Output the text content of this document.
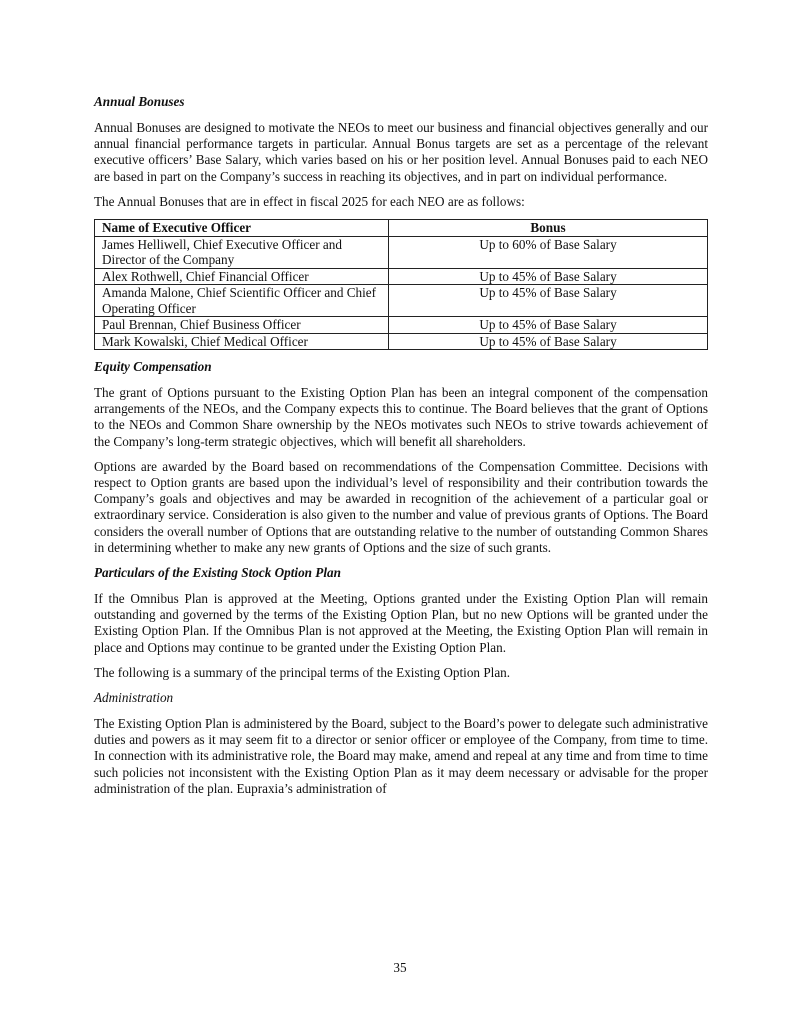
Annual Bonuses

Annual Bonuses are designed to motivate the NEOs to meet our business and financial objectives generally and our annual financial performance targets in particular. Annual Bonus targets are set as a percentage of the relevant executive officers’ Base Salary, which varies based on his or her position level. Annual Bonuses paid to each NEO are based in part on the Company’s success in reaching its objectives, and in part on individual performance.

The Annual Bonuses that are in effect in fiscal 2025 for each NEO are as follows:

Name of Executive Officer	Bonus
James Helliwell, Chief Executive Officer and Director of the Company	Up to 60% of Base Salary
Alex Rothwell, Chief Financial Officer	Up to 45% of Base Salary
Amanda Malone, Chief Scientific Officer and Chief Operating Officer	Up to 45% of Base Salary
Paul Brennan, Chief Business Officer	Up to 45% of Base Salary
Mark Kowalski, Chief Medical Officer	Up to 45% of Base Salary
Equity Compensation

The grant of Options pursuant to the Existing Option Plan has been an integral component of the compensation arrangements of the NEOs, and the Company expects this to continue. The Board believes that the grant of Options to the NEOs and Common Share ownership by the NEOs motivates such NEOs to strive towards achievement of the Company’s long-term strategic objectives, which will benefit all shareholders.

Options are awarded by the Board based on recommendations of the Compensation Committee. Decisions with respect to Option grants are based upon the individual’s level of responsibility and their contribution towards the Company’s goals and objectives and may be awarded in recognition of the achievement of a particular goal or extraordinary service. Consideration is also given to the number and value of previous grants of Options. The Board considers the overall number of Options that are outstanding relative to the number of outstanding Common Shares in determining whether to make any new grants of Options and the size of such grants.

Particulars of the Existing Stock Option Plan

If the Omnibus Plan is approved at the Meeting, Options granted under the Existing Option Plan will remain outstanding and governed by the terms of the Existing Option Plan, but no new Options will be granted under the Existing Option Plan. If the Omnibus Plan is not approved at the Meeting, the Existing Option Plan will remain in place and Options may continue to be granted under the Existing Option Plan.

The following is a summary of the principal terms of the Existing Option Plan.

Administration

The Existing Option Plan is administered by the Board, subject to the Board’s power to delegate such administrative duties and powers as it may seem fit to a director or senior officer or employee of the Company, from time to time. In connection with its administrative role, the Board may make, amend and repeal at any time and from time to time such policies not inconsistent with the Existing Option Plan as it may deem necessary or advisable for the proper administration of the plan. Eupraxia’s administration of

35
